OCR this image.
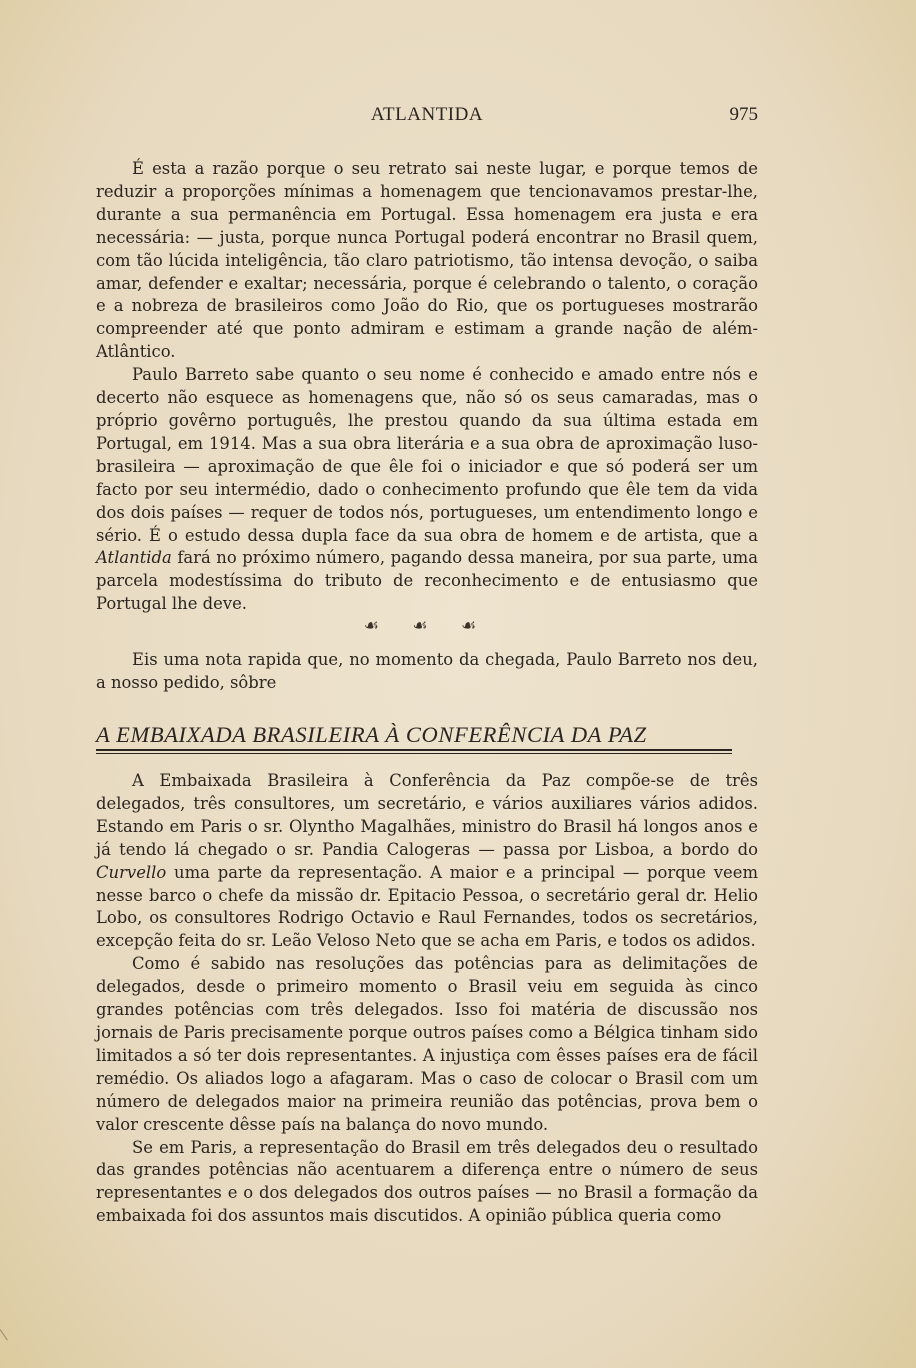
ATLANTIDA	975

É esta a razão porque o seu retrato sai neste lugar, e porque temos de reduzir a proporções mínimas a homenagem que tencionavamos prestar-lhe, durante a sua permanência em Portugal. Essa homenagem era justa e era necessária: — justa, porque nunca Portugal poderá encontrar no Brasil quem, com tão lúcida inteligência, tão claro patriotismo, tão intensa devoção, o saiba amar, defender e exaltar; necessária, porque é celebrando o talento, o coração e a nobreza de brasileiros como João do Rio, que os portugueses mostrarão compreender até que ponto admiram e estimam a grande nação de além-Atlântico.

Paulo Barreto sabe quanto o seu nome é conhecido e amado entre nós e decerto não esquece as homenagens que, não só os seus camaradas, mas o próprio govêrno português, lhe prestou quando da sua última estada em Portugal, em 1914. Mas a sua obra literária e a sua obra de aproximação luso-brasileira — aproximação de que êle foi o iniciador e que só poderá ser um facto por seu intermédio, dado o conhecimento profundo que êle tem da vida dos dois países — requer de todos nós, portugueses, um entendimento longo e sério. É o estudo dessa dupla face da sua obra de homem e de artista, que a Atlantida fará no próximo número, pagando dessa maneira, por sua parte, uma parcela modestíssima do tributo de reconhecimento e de entusiasmo que Portugal lhe deve.

☙ ☙ ☙

Eis uma nota rapida que, no momento da chegada, Paulo Barreto nos deu, a nosso pedido, sôbre

A EMBAIXADA BRASILEIRA À CONFERÊNCIA DA PAZ

A Embaixada Brasileira à Conferência da Paz compõe-se de três delegados, três consultores, um secretário, e vários auxiliares vários adidos. Estando em Paris o sr. Olyntho Magalhães, ministro do Brasil há longos anos e já tendo lá chegado o sr. Pandia Calogeras — passa por Lisboa, a bordo do Curvello uma parte da representação. A maior e a principal — porque veem nesse barco o chefe da missão dr. Epitacio Pessoa, o secretário geral dr. Helio Lobo, os consultores Rodrigo Octavio e Raul Fernandes, todos os secretários, excepção feita do sr. Leão Veloso Neto que se acha em Paris, e todos os adidos.

Como é sabido nas resoluções das potências para as delimitações de delegados, desde o primeiro momento o Brasil veiu em seguida às cinco grandes potências com três delegados. Isso foi matéria de discussão nos jornais de Paris precisamente porque outros países como a Bélgica tinham sido limitados a só ter dois representantes. A injustiça com êsses países era de fácil remédio. Os aliados logo a afagaram. Mas o caso de colocar o Brasil com um número de delegados maior na primeira reunião das potências, prova bem o valor crescente dêsse país na balança do novo mundo.

Se em Paris, a representação do Brasil em três delegados deu o resultado das grandes potências não acentuarem a diferença entre o número de seus representantes e o dos delegados dos outros países — no Brasil a formação da embaixada foi dos assuntos mais discutidos. A opinião pública queria como
